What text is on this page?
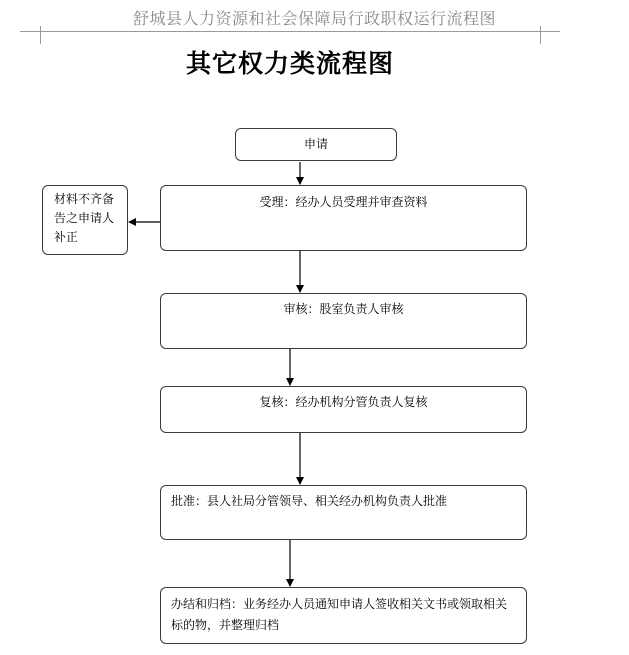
舒城县人力资源和社会保障局行政职权运行流程图
其它权力类流程图
申请
受理：经办人员受理并审查资料
材料不齐备告之申请人补正
审核：股室负责人审核
复核：经办机构分管负责人复核
批准：县人社局分管领导、相关经办机构负责人批准
办结和归档：业务经办人员通知申请人签收相关文书或领取相关标的物，并整理归档
